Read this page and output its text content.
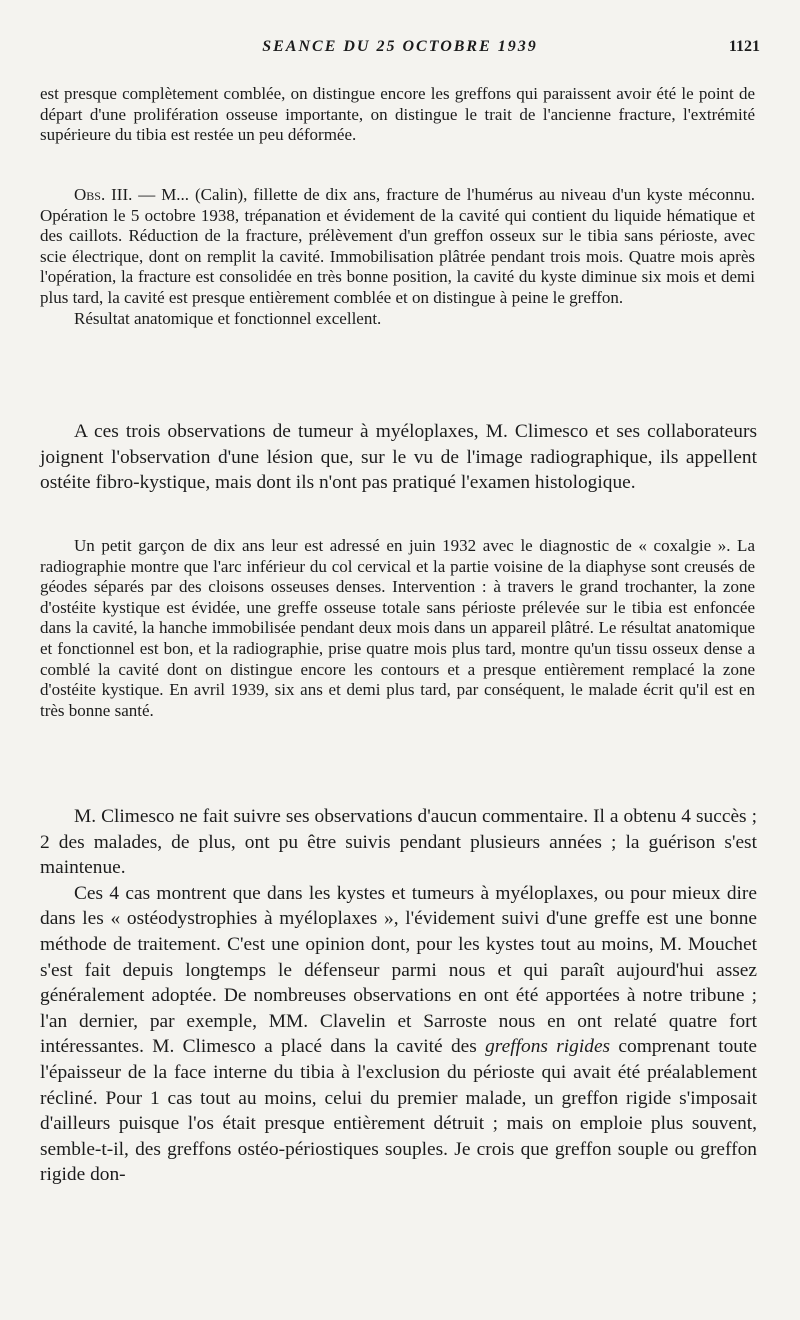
SEANCE DU 25 OCTOBRE 1939	1121

est presque complètement comblée, on distingue encore les greffons qui paraissent avoir été le point de départ d'une prolifération osseuse importante, on distingue le trait de l'ancienne fracture, l'extrémité supérieure du tibia est restée un peu déformée.

Obs. III. — M... (Calin), fillette de dix ans, fracture de l'humérus au niveau d'un kyste méconnu. Opération le 5 octobre 1938, trépanation et évidement de la cavité qui contient du liquide hématique et des caillots. Réduction de la fracture, prélèvement d'un greffon osseux sur le tibia sans périoste, avec scie électrique, dont on remplit la cavité. Immobilisation plâtrée pendant trois mois. Quatre mois après l'opération, la fracture est consolidée en très bonne position, la cavité du kyste diminue six mois et demi plus tard, la cavité est presque entièrement comblée et on distingue à peine le greffon.

Résultat anatomique et fonctionnel excellent.

A ces trois observations de tumeur à myéloplaxes, M. Climesco et ses collaborateurs joignent l'observation d'une lésion que, sur le vu de l'image radiographique, ils appellent ostéite fibro-kystique, mais dont ils n'ont pas pratiqué l'examen histologique.

Un petit garçon de dix ans leur est adressé en juin 1932 avec le diagnostic de « coxalgie ». La radiographie montre que l'arc inférieur du col cervical et la partie voisine de la diaphyse sont creusés de géodes séparés par des cloisons osseuses denses. Intervention : à travers le grand trochanter, la zone d'ostéite kystique est évidée, une greffe osseuse totale sans périoste prélevée sur le tibia est enfoncée dans la cavité, la hanche immobilisée pendant deux mois dans un appareil plâtré. Le résultat anatomique et fonctionnel est bon, et la radiographie, prise quatre mois plus tard, montre qu'un tissu osseux dense a comblé la cavité dont on distingue encore les contours et a presque entièrement remplacé la zone d'ostéite kystique. En avril 1939, six ans et demi plus tard, par conséquent, le malade écrit qu'il est en très bonne santé.

M. Climesco ne fait suivre ses observations d'aucun commentaire. Il a obtenu 4 succès ; 2 des malades, de plus, ont pu être suivis pendant plusieurs années ; la guérison s'est maintenue.

Ces 4 cas montrent que dans les kystes et tumeurs à myéloplaxes, ou pour mieux dire dans les « ostéodystrophies à myéloplaxes », l'évidement suivi d'une greffe est une bonne méthode de traitement. C'est une opinion dont, pour les kystes tout au moins, M. Mouchet s'est fait depuis longtemps le défenseur parmi nous et qui paraît aujourd'hui assez généralement adoptée. De nombreuses observations en ont été apportées à notre tribune ; l'an dernier, par exemple, MM. Clavelin et Sarroste nous en ont relaté quatre fort intéressantes. M. Climesco a placé dans la cavité des greffons rigides comprenant toute l'épaisseur de la face interne du tibia à l'exclusion du périoste qui avait été préalablement récliné. Pour 1 cas tout au moins, celui du premier malade, un greffon rigide s'imposait d'ailleurs puisque l'os était presque entièrement détruit ; mais on emploie plus souvent, semble-t-il, des greffons ostéo-périostiques souples. Je crois que greffon souple ou greffon rigide don-
